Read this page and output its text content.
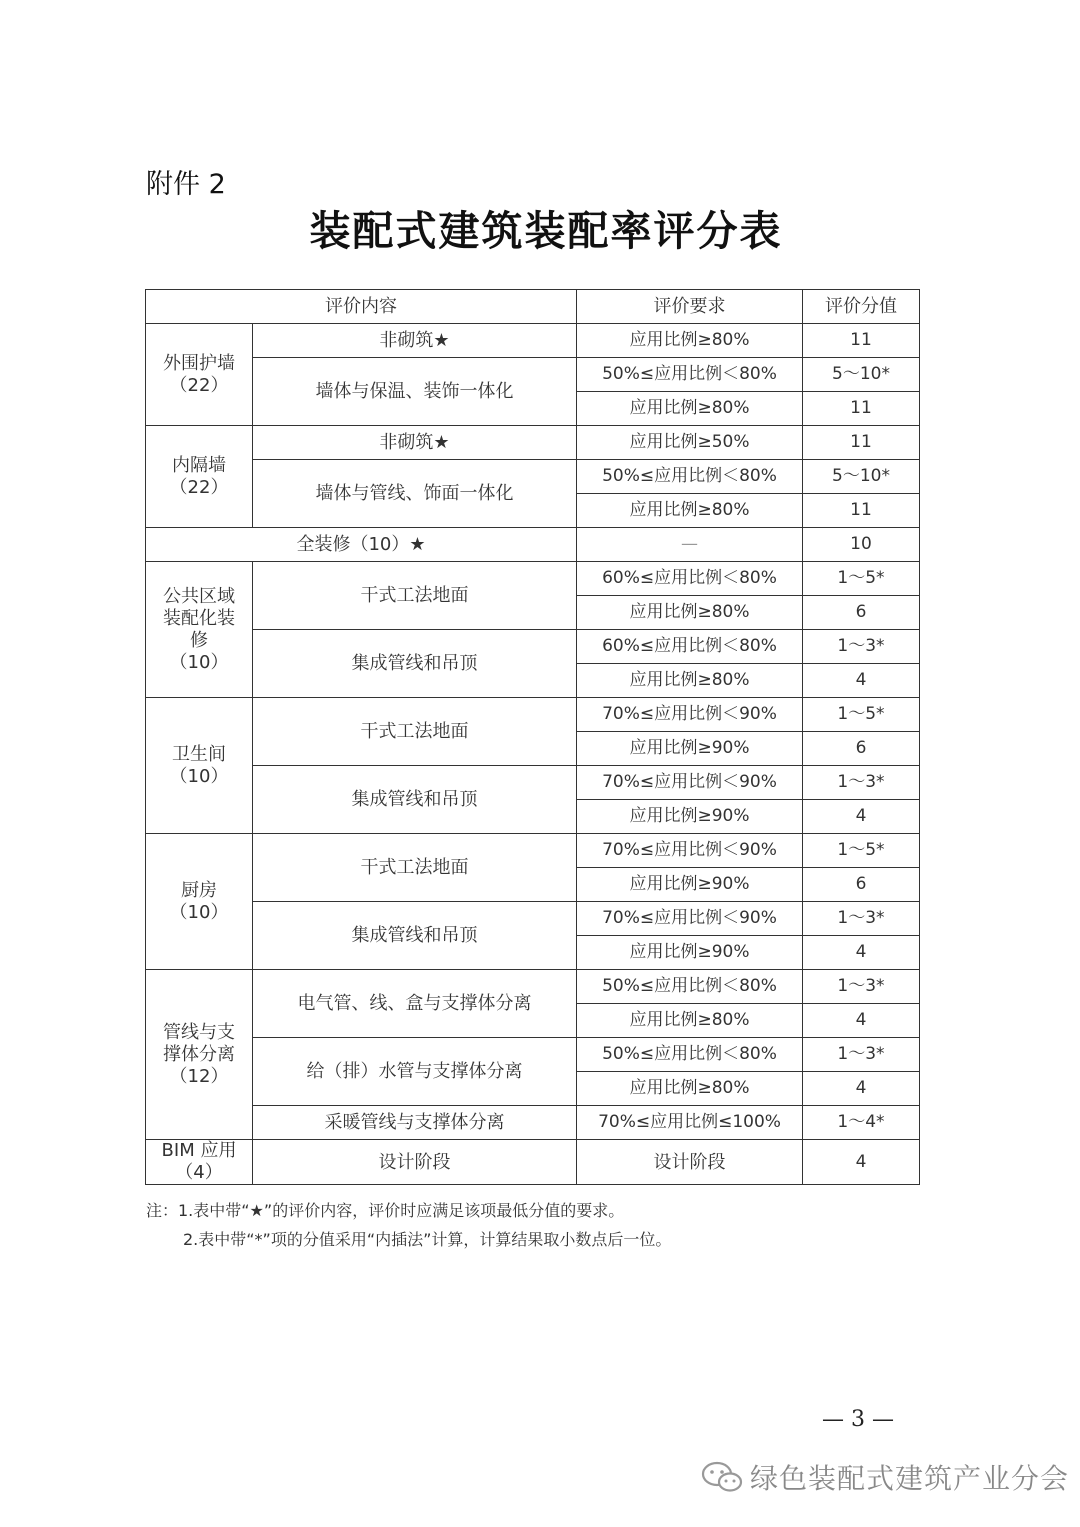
附件 2
装配式建筑装配率评分表
评价内容		评价要求	评价分值

外围护墙
（22）	非砌筑★	应用比例≥80%	11
	墙体与保温、装饰一体化	50%≤应用比例＜80%	5～10*
		应用比例≥80%	11

内隔墙
（22）	非砌筑★	应用比例≥50%	11
	墙体与管线、饰面一体化	50%≤应用比例＜80%	5～10*
		应用比例≥80%	11
全装修（10）★		—	10

公共区域
装配化装
修
（10）	干式工法地面	60%≤应用比例＜80%	1～5*
		应用比例≥80%	6
	集成管线和吊顶	60%≤应用比例＜80%	1～3*
		应用比例≥80%	4

卫生间
（10）	干式工法地面	70%≤应用比例＜90%	1～5*
		应用比例≥90%	6
	集成管线和吊顶	70%≤应用比例＜90%	1～3*
		应用比例≥90%	4

厨房
（10）	干式工法地面	70%≤应用比例＜90%	1～5*
		应用比例≥90%	6
	集成管线和吊顶	70%≤应用比例＜90%	1～3*
		应用比例≥90%	4

管线与支
撑体分离
（12）	电气管、线、盒与支撑体分离	50%≤应用比例＜80%	1～3*
		应用比例≥80%	4
	给（排）水管与支撑体分离	50%≤应用比例＜80%	1～3*
		应用比例≥80%	4
	采暖管线与支撑体分离	70%≤应用比例≤100%	1～4*

BIM 应用
（4）	设计阶段	设计阶段	4
注：1.表中带“★”的评价内容，评价时应满足该项最低分值的要求。
2.表中带“*”项的分值采用“内插法”计算，计算结果取小数点后一位。
— 3 —
绿色装配式建筑产业分会
